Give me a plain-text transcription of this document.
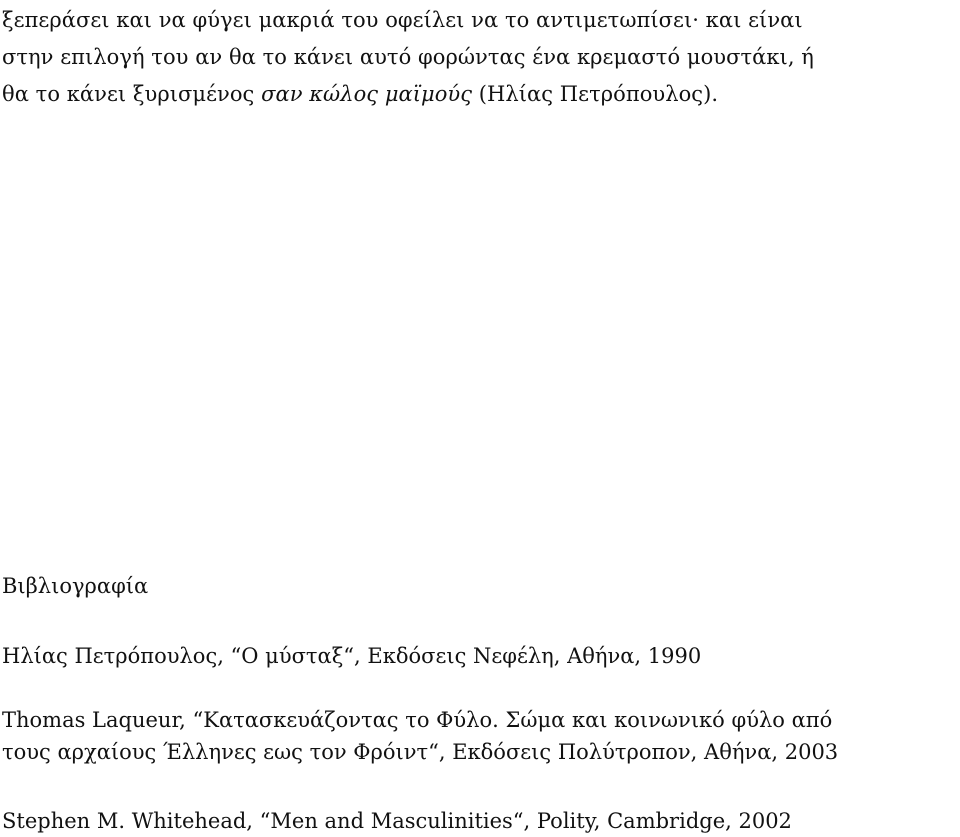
ξεπεράσει και να φύγει μακριά του οφείλει να το αντιμετωπίσει· και είναι
στην επιλογή του αν θα το κάνει αυτό φορώντας ένα κρεμαστό μουστάκι, ή
θα το κάνει ξυρισμένος σαν κώλος μαϊμούς (Ηλίας Πετρόπουλος).
Βιβλιογραφία
Ηλίας Πετρόπουλος, “Ο μύσταξ“, Εκδόσεις Νεφέλη, Αθήνα, 1990
Thomas Laqueur, “Κατασκευάζοντας το Φύλο. Σώμα και κοινωνικό φύλο από
τους αρχαίους Έλληνες εως τον Φρόιντ“, Εκδόσεις Πολύτροπον, Αθήνα, 2003
Stephen M. Whitehead, “Men and Masculinities“, Polity, Cambridge, 2002
